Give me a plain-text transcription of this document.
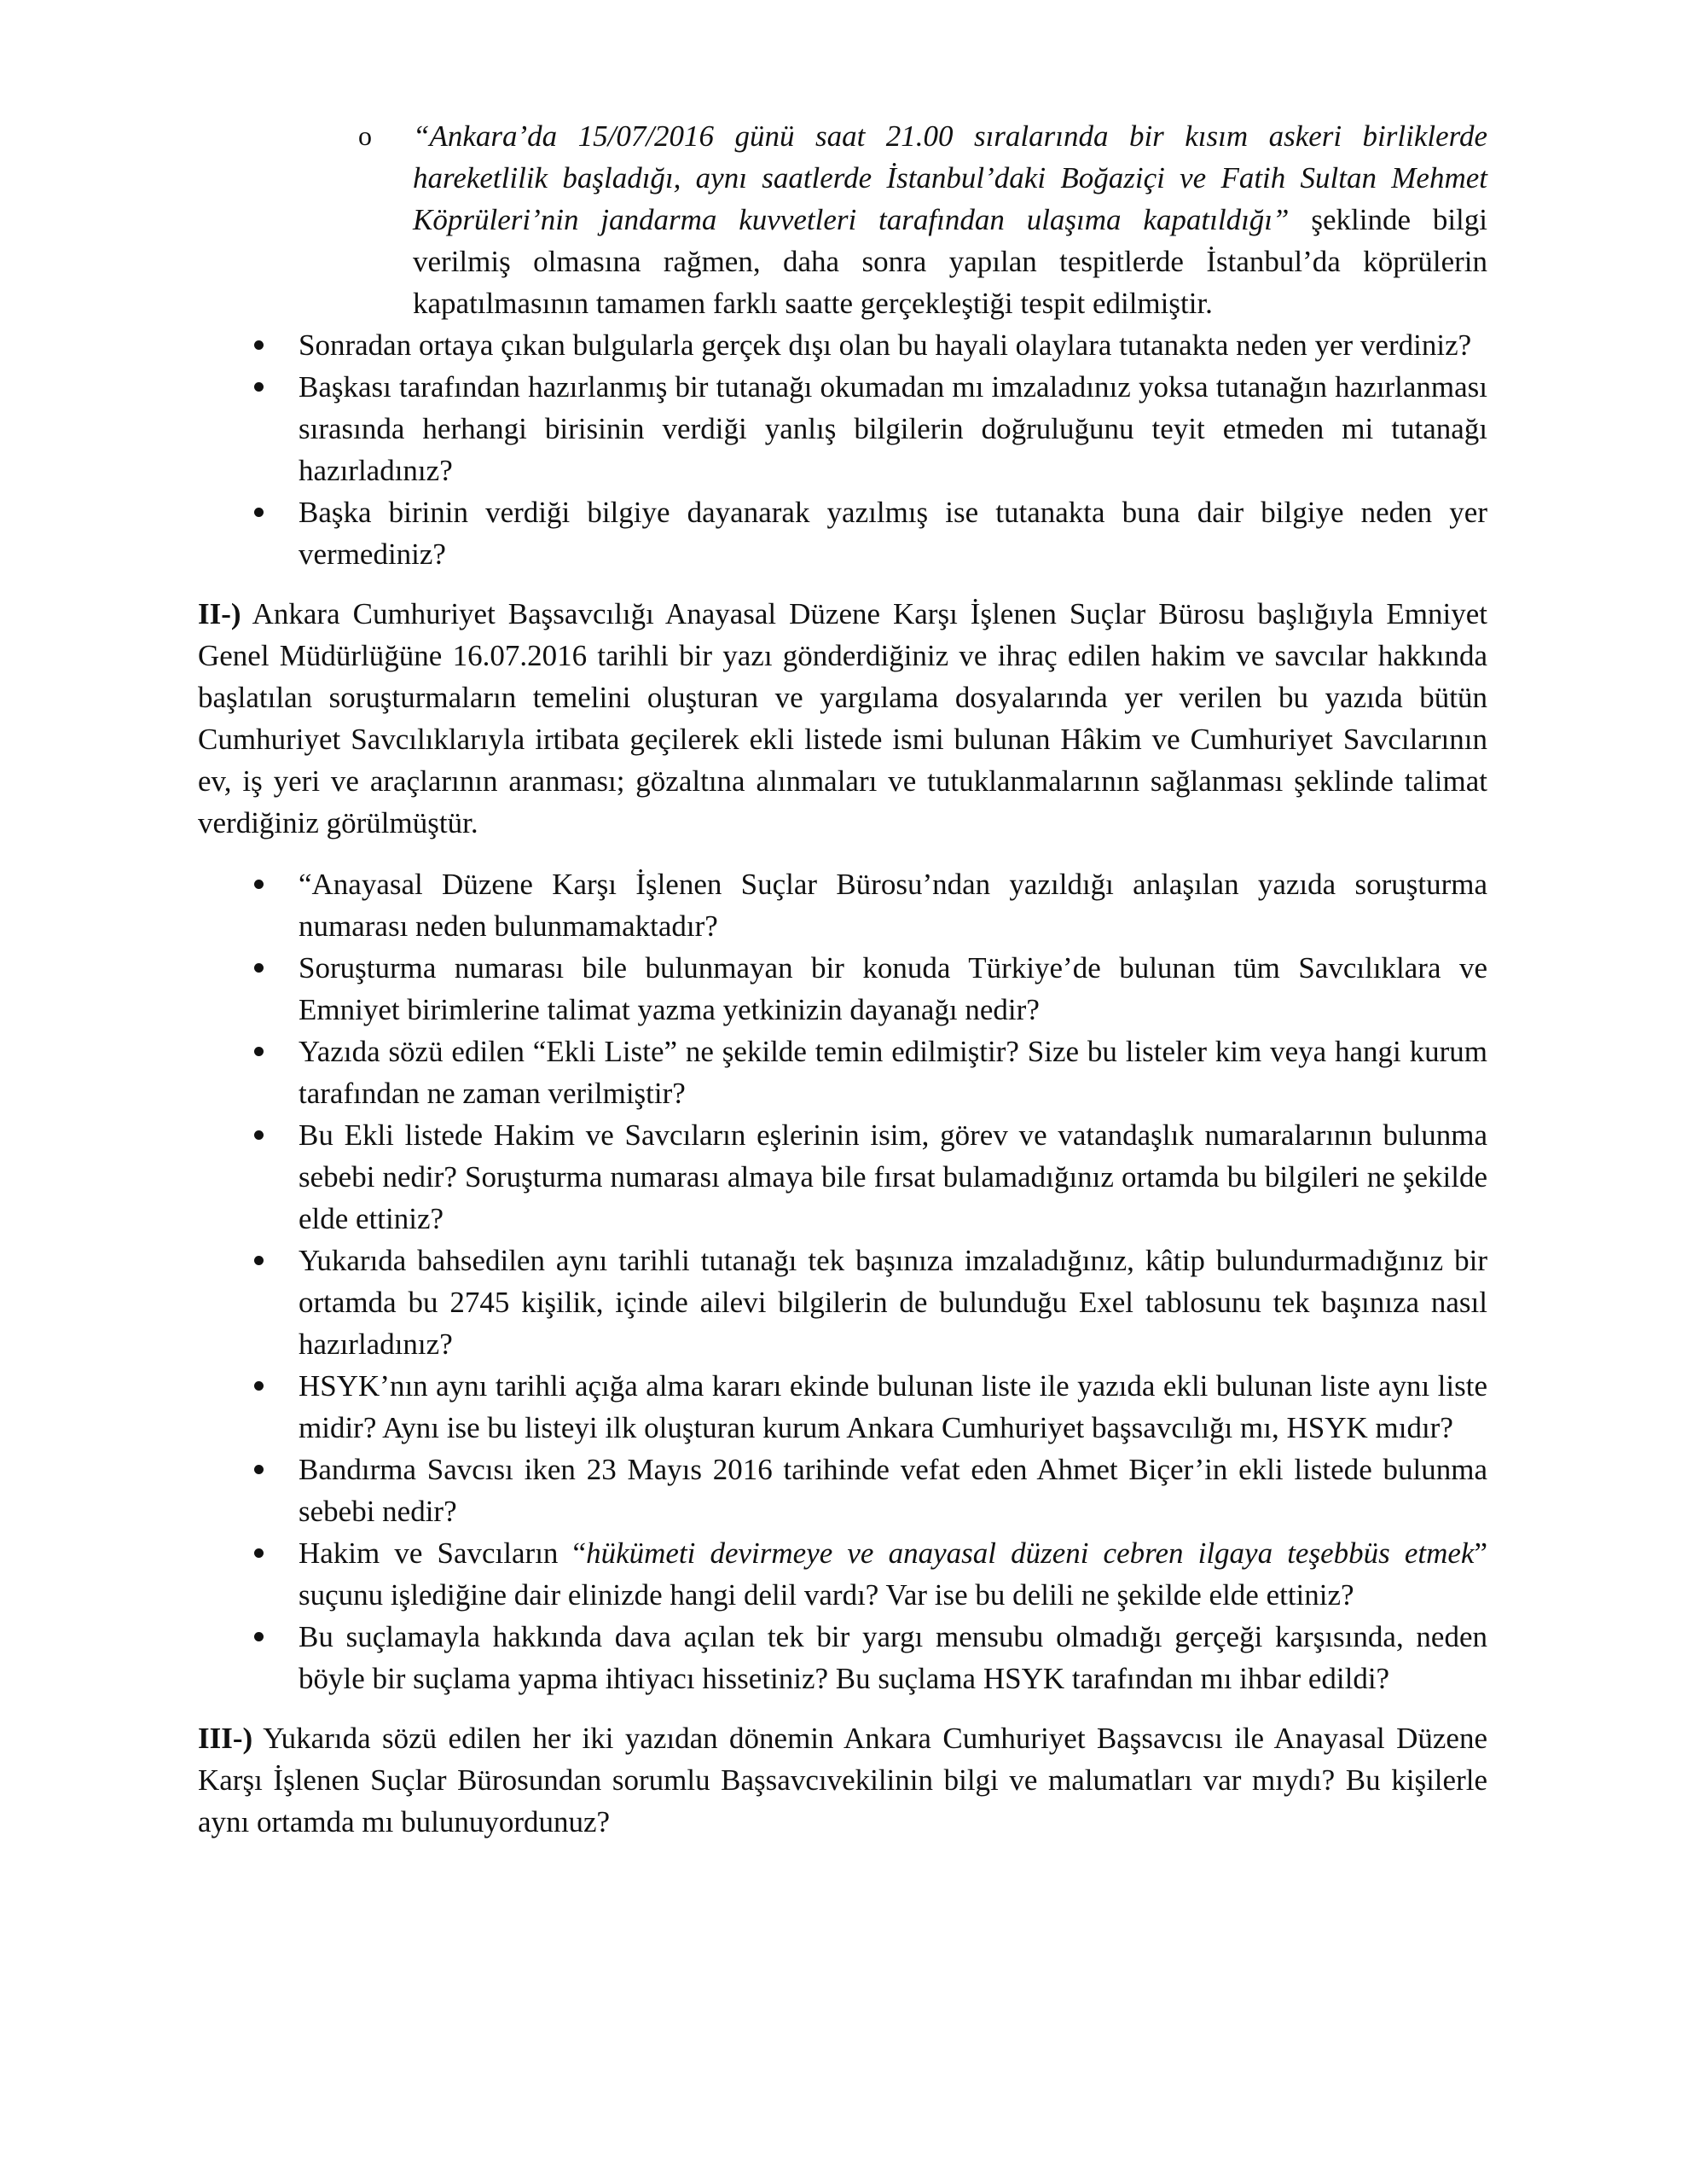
o “Ankara’da 15/07/2016 günü saat 21.00 sıralarında bir kısım askeri birliklerde hareketlilik başladığı, aynı saatlerde İstanbul’daki Boğaziçi ve Fatih Sultan Mehmet Köprüleri’nin jandarma kuvvetleri tarafından ulaşıma kapatıldığı” şeklinde bilgi verilmiş olmasına rağmen, daha sonra yapılan tespitlerde İstanbul’da köprülerin kapatılmasının tamamen farklı saatte gerçekleştiği tespit edilmiştir.

Sonradan ortaya çıkan bulgularla gerçek dışı olan bu hayali olaylara tutanakta neden yer verdiniz?

Başkası tarafından hazırlanmış bir tutanağı okumadan mı imzaladınız yoksa tutanağın hazırlanması sırasında herhangi birisinin verdiği yanlış bilgilerin doğruluğunu teyit etmeden mi tutanağı hazırladınız?

Başka birinin verdiği bilgiye dayanarak yazılmış ise tutanakta buna dair bilgiye neden yer vermediniz?

II-) Ankara Cumhuriyet Başsavcılığı Anayasal Düzene Karşı İşlenen Suçlar Bürosu başlığıyla Emniyet Genel Müdürlüğüne 16.07.2016 tarihli bir yazı gönderdiğiniz ve ihraç edilen hakim ve savcılar hakkında başlatılan soruşturmaların temelini oluşturan ve yargılama dosyalarında yer verilen bu yazıda bütün Cumhuriyet Savcılıklarıyla irtibata geçilerek ekli listede ismi bulunan Hâkim ve Cumhuriyet Savcılarının ev, iş yeri ve araçlarının aranması; gözaltına alınmaları ve tutuklanmalarının sağlanması şeklinde talimat verdiğiniz görülmüştür.

“Anayasal Düzene Karşı İşlenen Suçlar Bürosu’ndan yazıldığı anlaşılan yazıda soruşturma numarası neden bulunmamaktadır?

Soruşturma numarası bile bulunmayan bir konuda Türkiye’de bulunan tüm Savcılıklara ve Emniyet birimlerine talimat yazma yetkinizin dayanağı nedir?

Yazıda sözü edilen “Ekli Liste” ne şekilde temin edilmiştir? Size bu listeler kim veya hangi kurum tarafından ne zaman verilmiştir?

Bu Ekli listede Hakim ve Savcıların eşlerinin isim, görev ve vatandaşlık numaralarının bulunma sebebi nedir? Soruşturma numarası almaya bile fırsat bulamadığınız ortamda bu bilgileri ne şekilde elde ettiniz?

Yukarıda bahsedilen aynı tarihli tutanağı tek başınıza imzaladığınız, kâtip bulundurmadığınız bir ortamda bu 2745 kişilik, içinde ailevi bilgilerin de bulunduğu Exel tablosunu tek başınıza nasıl hazırladınız?

HSYK’nın aynı tarihli açığa alma kararı ekinde bulunan liste ile yazıda ekli bulunan liste aynı liste midir? Aynı ise bu listeyi ilk oluşturan kurum Ankara Cumhuriyet başsavcılığı mı, HSYK mıdır?

Bandırma Savcısı iken 23 Mayıs 2016 tarihinde vefat eden Ahmet Biçer’in ekli listede bulunma sebebi nedir?

Hakim ve Savcıların “hükümeti devirmeye ve anayasal düzeni cebren ilgaya teşebbüs etmek” suçunu işlediğine dair elinizde hangi delil vardı? Var ise bu delili ne şekilde elde ettiniz?

Bu suçlamayla hakkında dava açılan tek bir yargı mensubu olmadığı gerçeği karşısında, neden böyle bir suçlama yapma ihtiyacı hissetiniz? Bu suçlama HSYK tarafından mı ihbar edildi?

III-) Yukarıda sözü edilen her iki yazıdan dönemin Ankara Cumhuriyet Başsavcısı ile Anayasal Düzene Karşı İşlenen Suçlar Bürosundan sorumlu Başsavcıvekilinin bilgi ve malumatları var mıydı? Bu kişilerle aynı ortamda mı bulunuyordunuz?
